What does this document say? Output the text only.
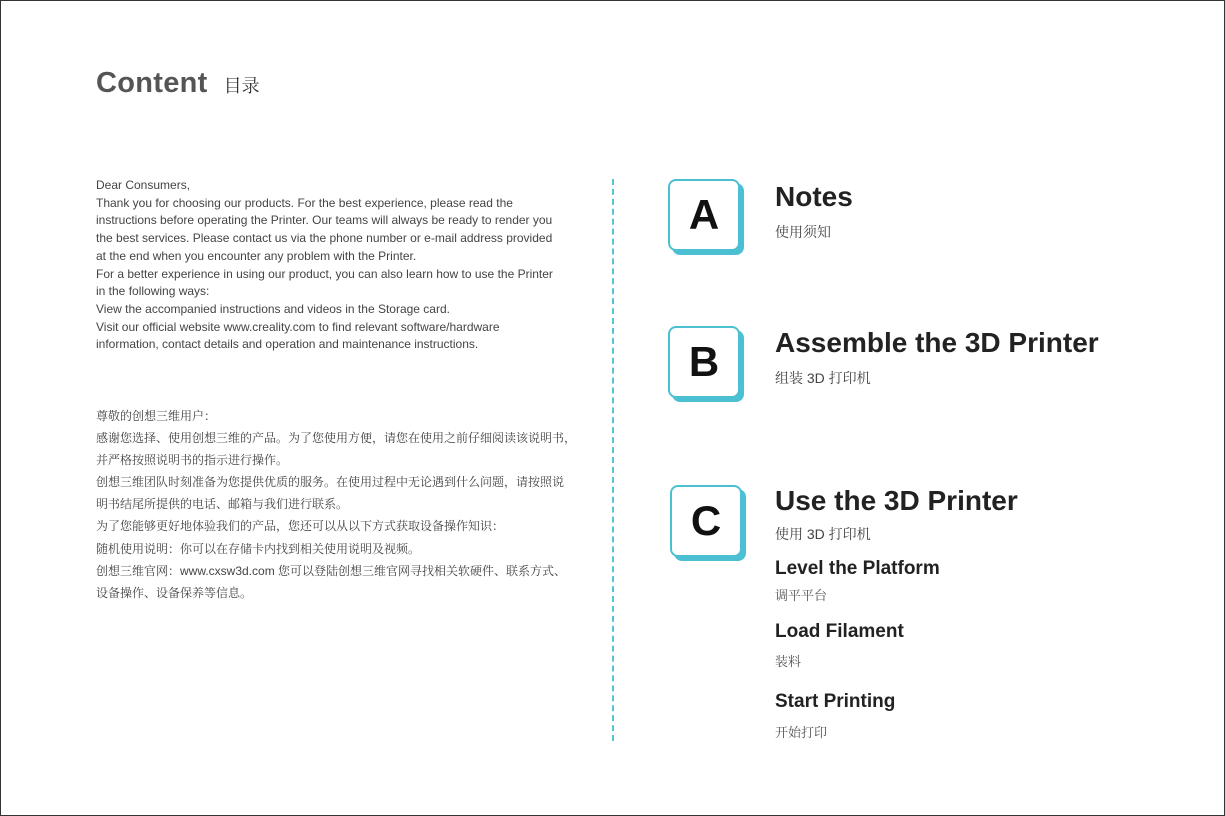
Content 目录

Dear Consumers,

Thank you for choosing our products. For the best experience, please read the

instructions before operating the Printer. Our teams will always be ready to render you

the best services. Please contact us via the phone number or e-mail address provided

at the end when you encounter any problem with the Printer.

For a better experience in using our product, you can also learn how to use the Printer

in the following ways:

View the accompanied instructions and videos in the Storage card.

Visit our official website www.creality.com to find relevant software/hardware

information, contact details and operation and maintenance instructions.

尊敬的创想三维用户：

感谢您选择、使用创想三维的产品。为了您使用方便，请您在使用之前仔细阅读该说明书，

并严格按照说明书的指示进行操作。

创想三维团队时刻准备为您提供优质的服务。在使用过程中无论遇到什么问题，请按照说

明书结尾所提供的电话、邮箱与我们进行联系。

为了您能够更好地体验我们的产品，您还可以从以下方式获取设备操作知识：

随机使用说明：你可以在存储卡内找到相关使用说明及视频。

创想三维官网：www.cxsw3d.com 您可以登陆创想三维官网寻找相关软硬件、联系方式、

设备操作、设备保养等信息。

A Notes
使用须知
B Assemble the 3D Printer
组装 3D 打印机
C Use the 3D Printer
使用 3D 打印机
Level the Platform
调平平台
Load Filament
装料
Start Printing
开始打印
